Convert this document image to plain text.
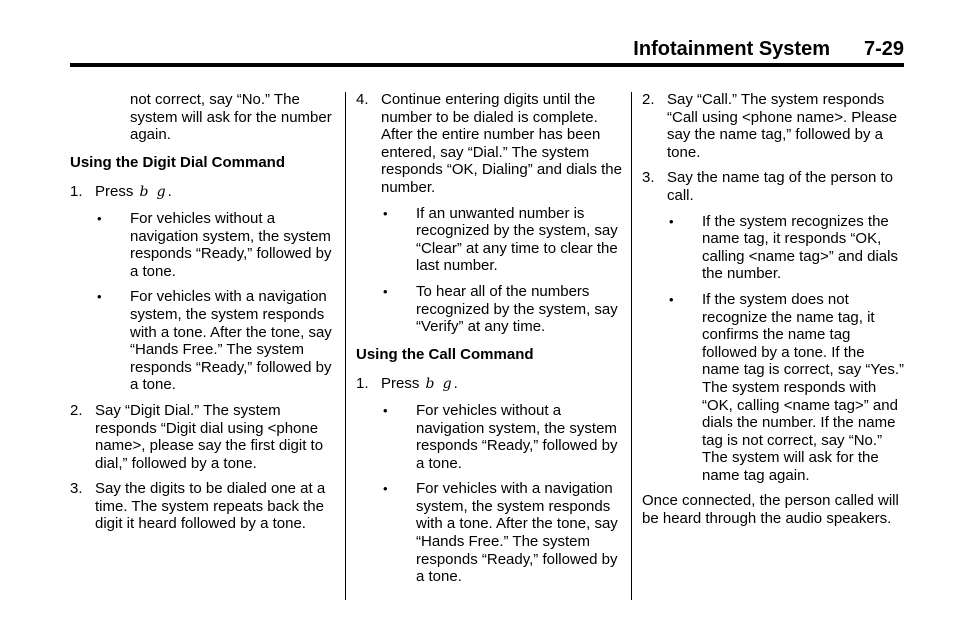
Infotainment System	7-29

not correct, say “No.” The system will ask for the number again.

Using the Digit Dial Command
1. Press b g .
•	For vehicles without a navigation system, the system responds “Ready,” followed by a tone.
•	For vehicles with a navigation system, the system responds with a tone. After the tone, say “Hands Free.” The system responds “Ready,” followed by a tone.
2. Say “Digit Dial.” The system responds “Digit dial using <phone name>, please say the first digit to dial,” followed by a tone.
3. Say the digits to be dialed one at a time. The system repeats back the digit it heard followed by a tone.
4. Continue entering digits until the number to be dialed is complete. After the entire number has been entered, say “Dial.” The system responds “OK, Dialing” and dials the number.
•	If an unwanted number is recognized by the system, say “Clear” at any time to clear the last number.
•	To hear all of the numbers recognized by the system, say “Verify” at any time.
Using the Call Command
1. Press b g .
•	For vehicles without a navigation system, the system responds “Ready,” followed by a tone.
•	For vehicles with a navigation system, the system responds with a tone. After the tone, say “Hands Free.” The system responds “Ready,” followed by a tone.
2. Say “Call.” The system responds “Call using <phone name>. Please say the name tag,” followed by a tone.
3. Say the name tag of the person to call.
•	If the system recognizes the name tag, it responds “OK, calling <name tag>” and dials the number.
•	If the system does not recognize the name tag, it confirms the name tag followed by a tone. If the name tag is correct, say “Yes.” The system responds with “OK, calling <name tag>” and dials the number. If the name tag is not correct, say “No.” The system will ask for the name tag again.

Once connected, the person called will be heard through the audio speakers.
